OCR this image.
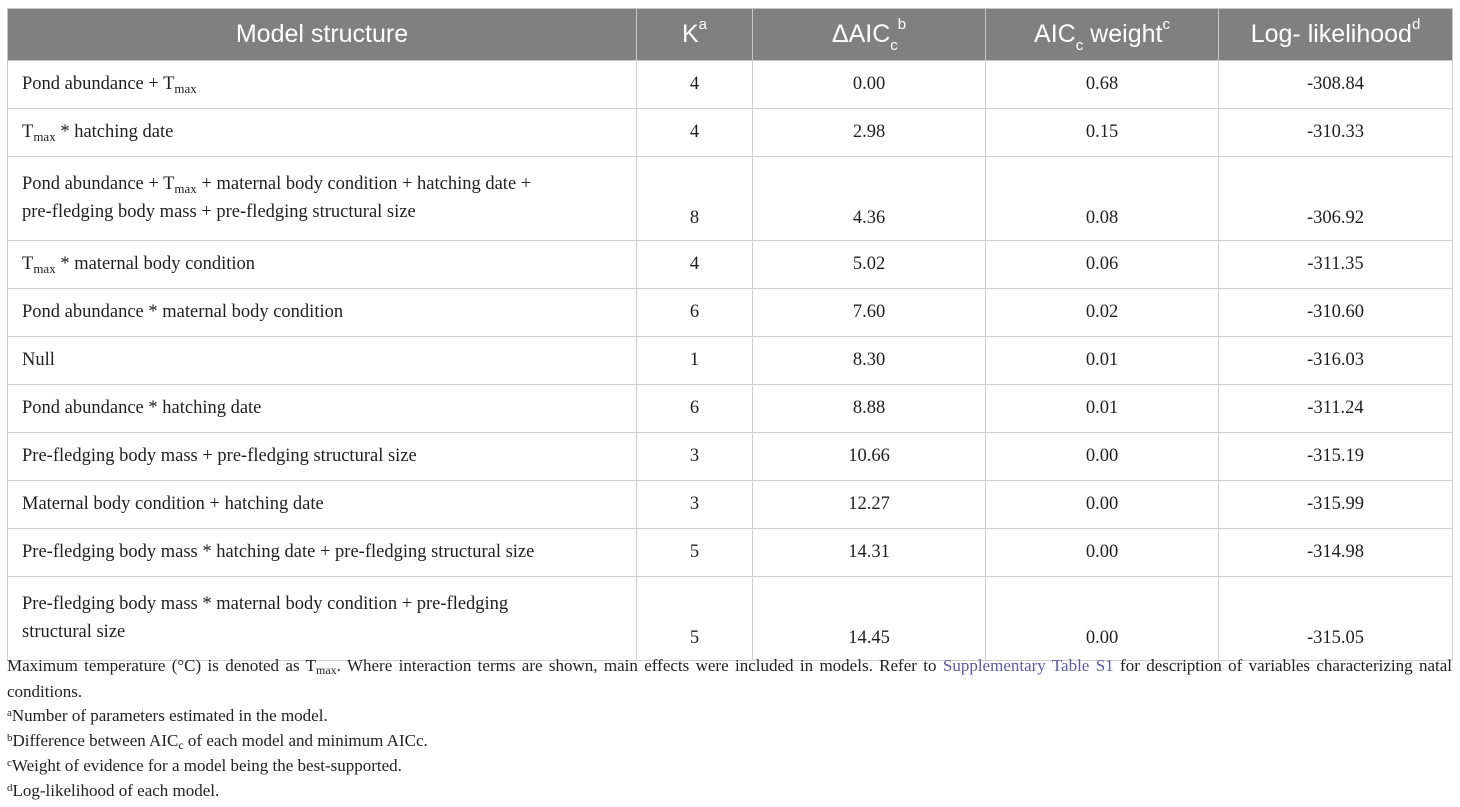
Model structure	$K^a$	$\Delta AIC_c^b$	$AIC_c$ weight$^c$	Log- likelihood$^d$
Pond abundance + $T_{max}$	4	0.00	0.68	-308.84
$T_{max}$ * hatching date	4	2.98	0.15	-310.33
Pond abundance + $T_{max}$ + maternal body condition + hatching date +
pre-fledging body mass + pre-fledging structural size	8	4.36	0.08	-306.92
$T_{max}$ * maternal body condition	4	5.02	0.06	-311.35
Pond abundance * maternal body condition	6	7.60	0.02	-310.60
Null	1	8.30	0.01	-316.03
Pond abundance * hatching date	6	8.88	0.01	-311.24
Pre-fledging body mass + pre-fledging structural size	3	10.66	0.00	-315.19
Maternal body condition + hatching date	3	12.27	0.00	-315.99
Pre-fledging body mass * hatching date + pre-fledging structural size	5	14.31	0.00	-314.98
Pre-fledging body mass * maternal body condition + pre-fledging
structural size	5	14.45	0.00	-315.05

Maximum temperature (°C) is denoted as $T_{max}$. Where interaction terms are shown, main effects were included in models. Refer to Supplementary Table S1 for description of variables characterizing natal conditions.

$^a$Number of parameters estimated in the model.

$^b$Difference between $AIC_c$ of each model and minimum AICc.

$^c$Weight of evidence for a model being the best-supported.

$^d$Log-likelihood of each model.
